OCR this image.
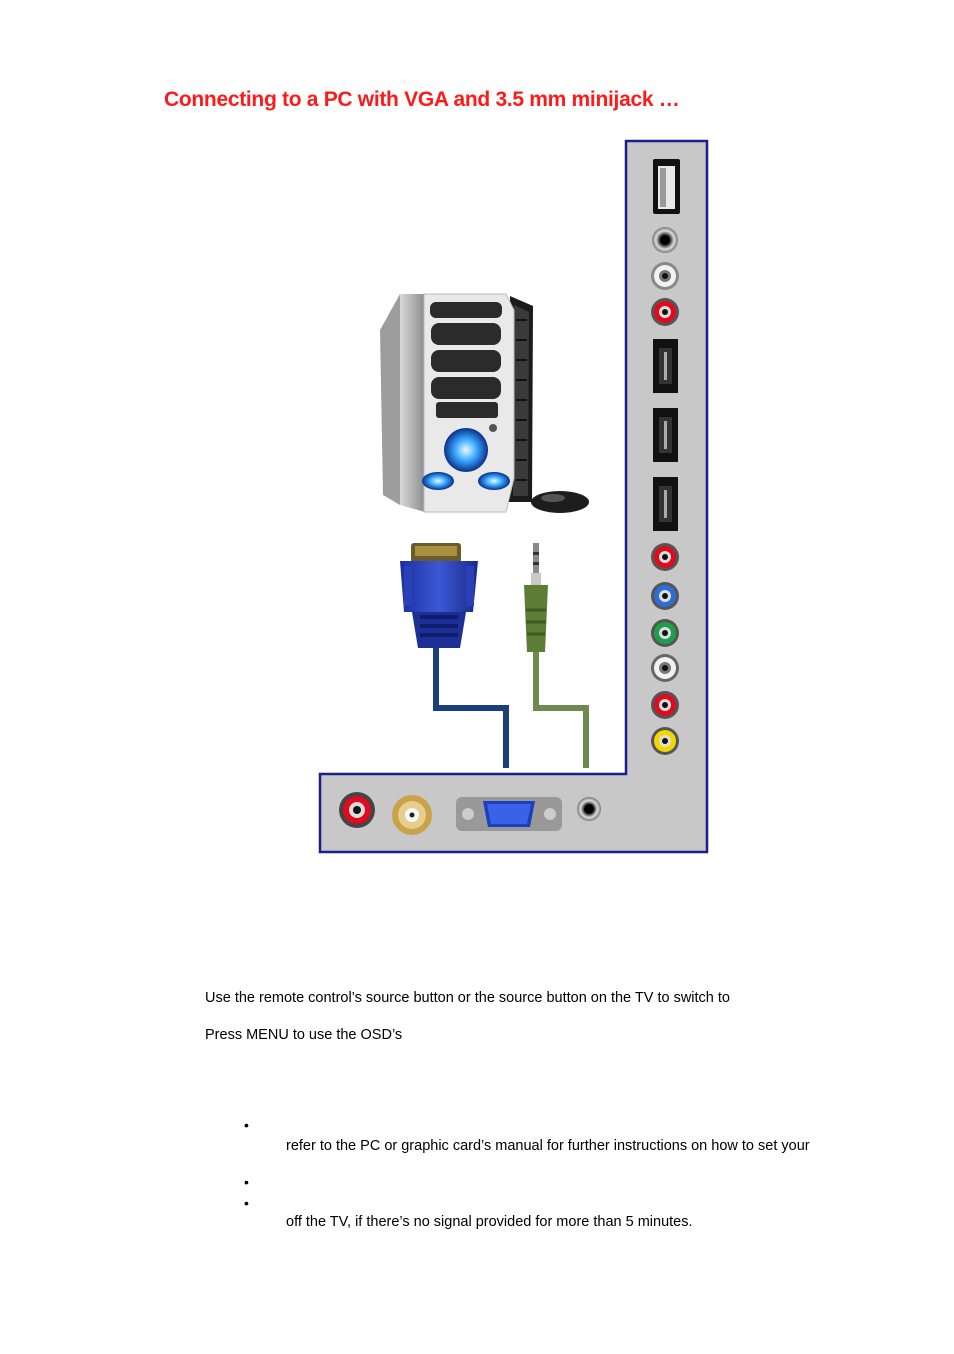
Connecting to a PC with VGA and 3.5 mm minijack …
Use the remote control’s source button or the source button on the TV to switch to
Press MENU to use the OSD’s
•
refer to the PC or graphic card’s manual for further instructions on how to set your
•
•
off the TV, if there’s no signal provided for more than 5 minutes.
